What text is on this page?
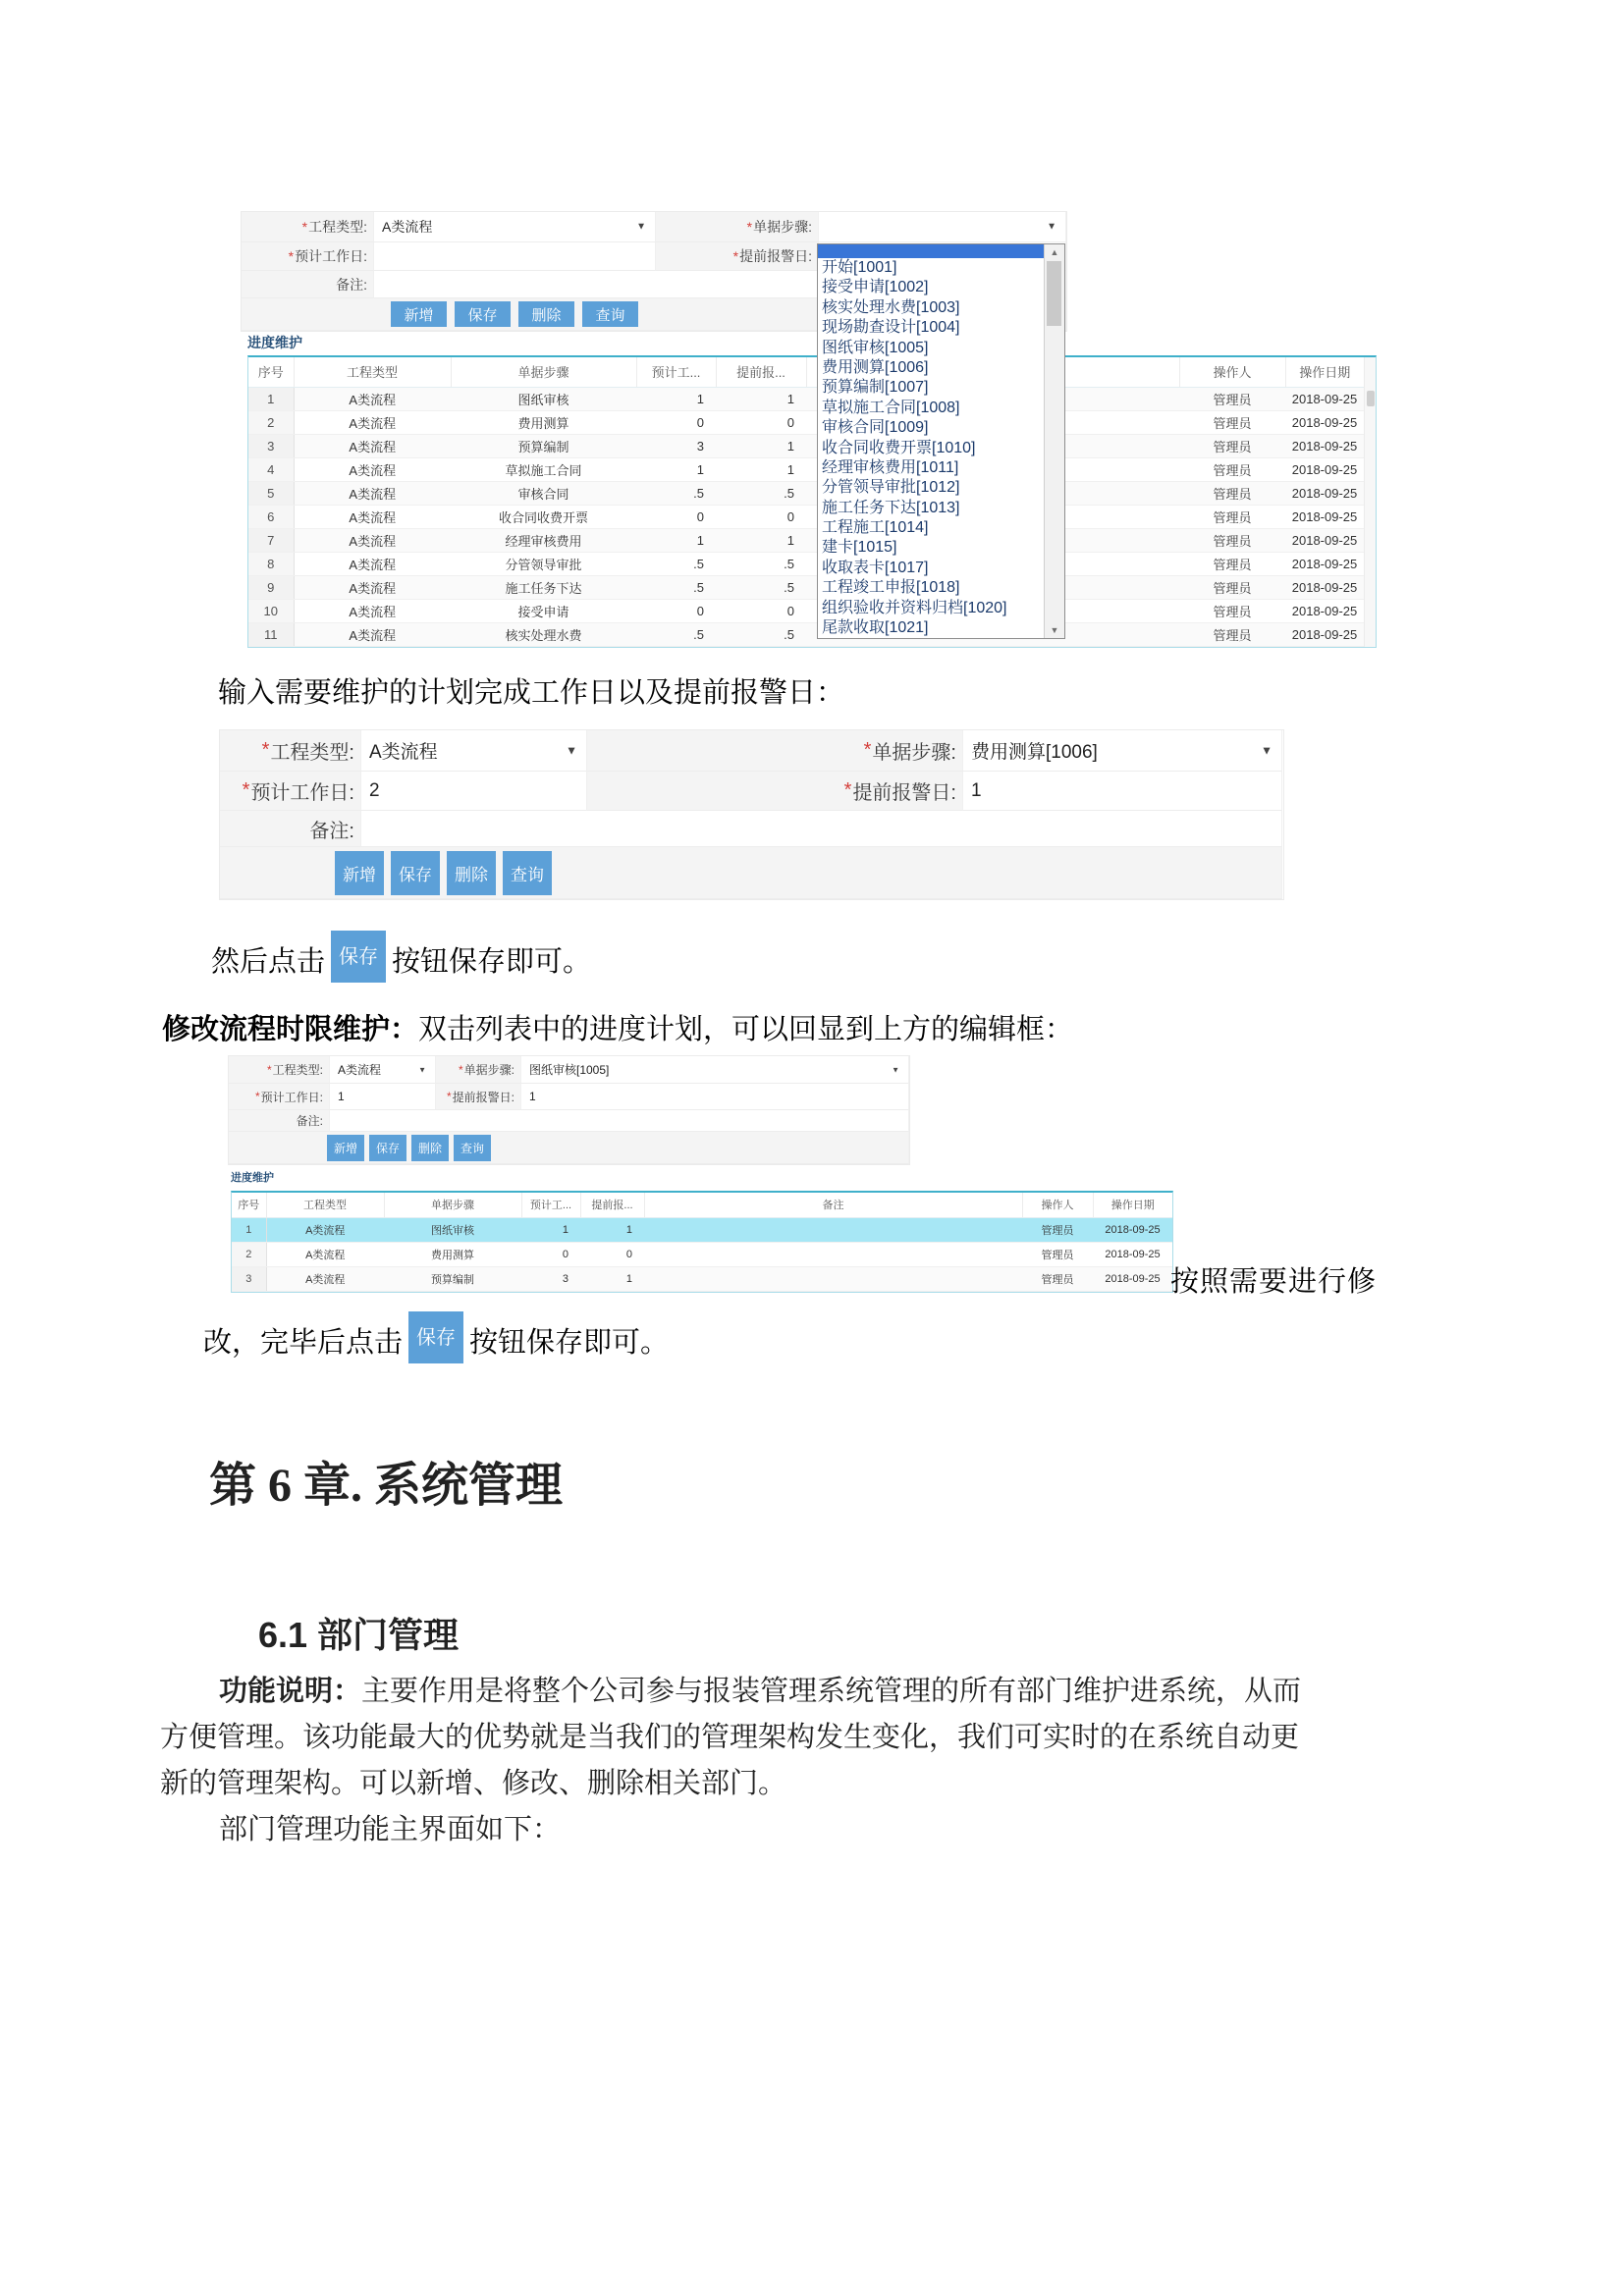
* 工程类型: A类流程	▼	* 单据步骤:	▼
* 预计工作日:	* 提前报警日:
备注:
新增	保存	删除	查询
进度维护
序号	工程类型	单据步骤	预计工...	提前报...		操作人	操作日期
1	A类流程	图纸审核	1	1		管理员	2018-09-25
2	A类流程	费用测算	0	0		管理员	2018-09-25
3	A类流程	预算编制	3	1		管理员	2018-09-25
4	A类流程	草拟施工合同	1	1		管理员	2018-09-25
5	A类流程	审核合同	.5	.5		管理员	2018-09-25
6	A类流程	收合同收费开票	0	0		管理员	2018-09-25
7	A类流程	经理审核费用	1	1		管理员	2018-09-25
8	A类流程	分管领导审批	.5	.5		管理员	2018-09-25
9	A类流程	施工任务下达	.5	.5		管理员	2018-09-25
10	A类流程	接受申请	0	0		管理员	2018-09-25
11	A类流程	核实处理水费	.5	.5		管理员	2018-09-25
开始[1001]
接受申请[1002]
核实处理水费[1003]
现场勘查设计[1004]
图纸审核[1005]
费用测算[1006]
预算编制[1007]
草拟施工合同[1008]
审核合同[1009]
收合同收费开票[1010]
经理审核费用[1011]
分管领导审批[1012]
施工任务下达[1013]
工程施工[1014]
建卡[1015]
收取表卡[1017]
工程竣工申报[1018]
组织验收并资料归档[1020]
尾款收取[1021]
▲
▼
输入需要维护的计划完成工作日以及提前报警日：
* 工程类型: A类流程	▼	* 单据步骤: 费用测算[1006]	▼
* 预计工作日: 2	* 提前报警日: 1
备注:
新增	保存	删除	查询
然后点击 保存 按钮保存即可。
修改流程时限维护：双击列表中的进度计划，可以回显到上方的编辑框：
* 工程类型: A类流程	▼	* 单据步骤: 图纸审核[1005]	▼
* 预计工作日: 1	* 提前报警日: 1
备注:
新增	保存	删除	查询
进度维护
序号	工程类型	单据步骤	预计工...	提前报...	备注	操作人	操作日期
1	A类流程	图纸审核	1	1		管理员	2018-09-25
2	A类流程	费用测算	0	0		管理员	2018-09-25
3	A类流程	预算编制	3	1		管理员	2018-09-25 按照需要进行修
改，完毕后点击 保存 按钮保存即可。
第 6 章. 系统管理
6.1 部门管理
功能说明：主要作用是将整个公司参与报装管理系统管理的所有部门维护进系统，从而
方便管理。该功能最大的优势就是当我们的管理架构发生变化，我们可实时的在系统自动更
新的管理架构。可以新增、修改、删除相关部门。
部门管理功能主界面如下：
